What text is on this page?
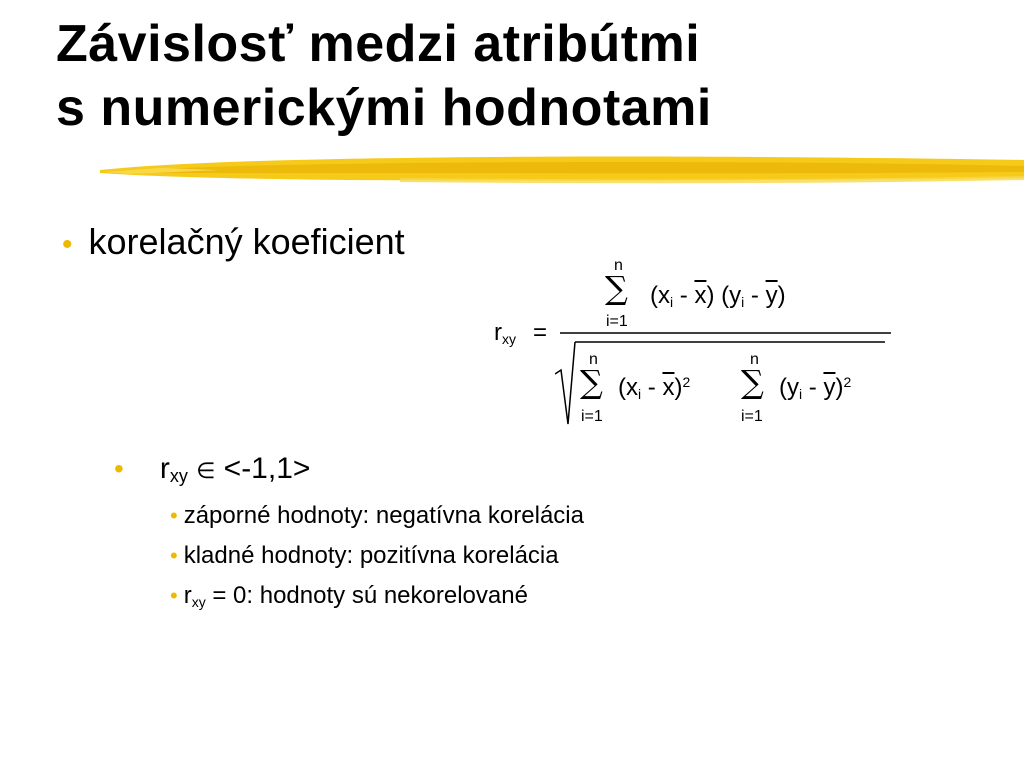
Závislosť medzi atribútmi
s numerickými hodnotami
• korelačný koeficient
$r_{xy}$ =
n
∑
i=1
$(x_i - \overline{x})$ $(y_i - \overline{y})$
n
∑
i=1
$(x_i - \overline{x})^2$
n
∑
i=1
$(y_i - \overline{y})^2$
• $r_{xy}$ ∈ <-1,1>
• záporné hodnoty: negatívna korelácia
• kladné hodnoty: pozitívna korelácia
• $r_{xy} = 0$: hodnoty sú nekorelované
